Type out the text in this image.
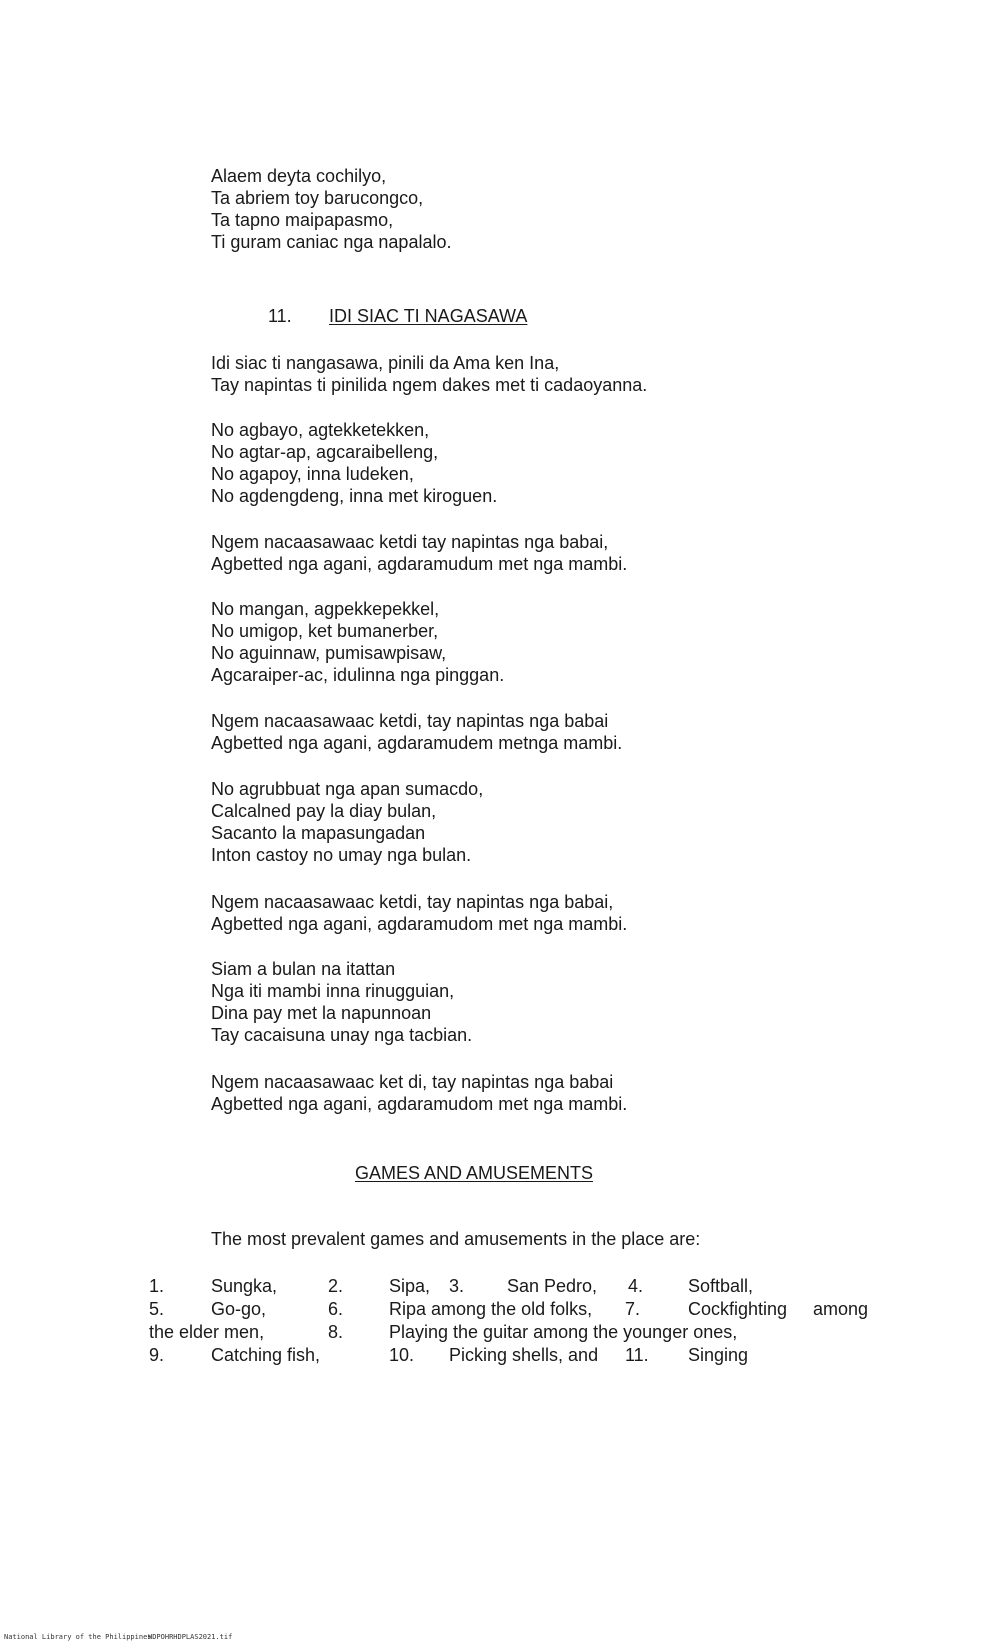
Alaem deyta cochilyo,
Ta abriem toy barucongco,
Ta tapno maipapasmo,
Ti guram caniac nga napalalo.
11. IDI SIAC TI NAGASAWA
Idi siac ti nangasawa, pinili da Ama ken Ina,
Tay napintas ti pinilida ngem dakes met ti cadaoyanna.
No agbayo, agtekketekken,
No agtar-ap, agcaraibelleng,
No agapoy, inna ludeken,
No agdengdeng, inna met kiroguen.
Ngem nacaasawaac ketdi tay napintas nga babai,
Agbetted nga agani, agdaramudum met nga mambi.
No mangan, agpekkepekkel,
No umigop, ket bumanerber,
No aguinnaw, pumisawpisaw,
Agcaraiper-ac, idulinna nga pinggan.
Ngem nacaasawaac ketdi, tay napintas nga babai
Agbetted nga agani, agdaramudem metnga mambi.
No agrubbuat nga apan sumacdo,
Calcalned pay la diay bulan,
Sacanto la mapasungadan
Inton castoy no umay nga bulan.
Ngem nacaasawaac ketdi, tay napintas nga babai,
Agbetted nga agani, agdaramudom met nga mambi.
Siam a bulan na itattan
Nga iti mambi inna rinugguian,
Dina pay met la napunnoan
Tay cacaisuna unay nga tacbian.
Ngem nacaasawaac ket di, tay napintas nga babai
Agbetted nga agani, agdaramudom met nga mambi.
GAMES AND AMUSEMENTS
The most prevalent games and amusements in the place are:
1.	Sungka,	2.	Sipa, 3. San Pedro, 4. Softball,
5.	Go-go,	6.	Ripa among the old folks, 7.	Cockfighting among
the elder men,	8.	Playing the guitar among the younger ones,
9.	Catching fish,	10. Picking shells, and 11. Singing
National Library of the Philippines
HDPOHRHDPLAS2021.tif
